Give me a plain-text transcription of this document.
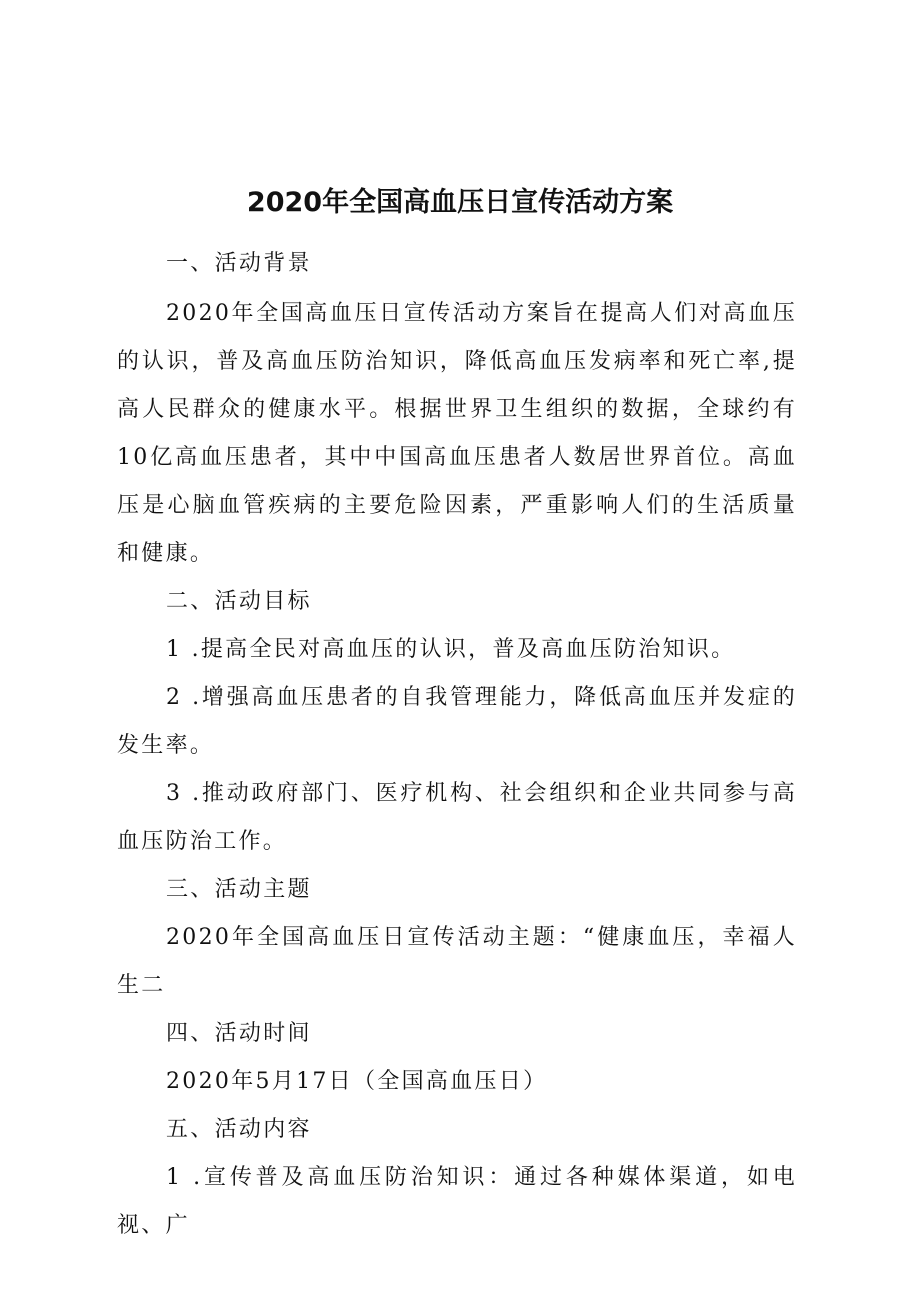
2020年全国高血压日宣传活动方案

一、活动背景

2020年全国高血压日宣传活动方案旨在提高人们对高血压的认识，普及高血压防治知识，降低高血压发病率和死亡率,提高人民群众的健康水平。根据世界卫生组织的数据，全球约有10亿高血压患者，其中中国高血压患者人数居世界首位。高血压是心脑血管疾病的主要危险因素，严重影响人们的生活质量和健康。

二、活动目标

1 .提高全民对高血压的认识，普及高血压防治知识。

2 .增强高血压患者的自我管理能力，降低高血压并发症的发生率。

3 .推动政府部门、医疗机构、社会组织和企业共同参与高血压防治工作。

三、活动主题

2020年全国高血压日宣传活动主题：“健康血压，幸福人生二

四、活动时间

2020年5月17日（全国高血压日）

五、活动内容

1 .宣传普及高血压防治知识：通过各种媒体渠道，如电视、广
